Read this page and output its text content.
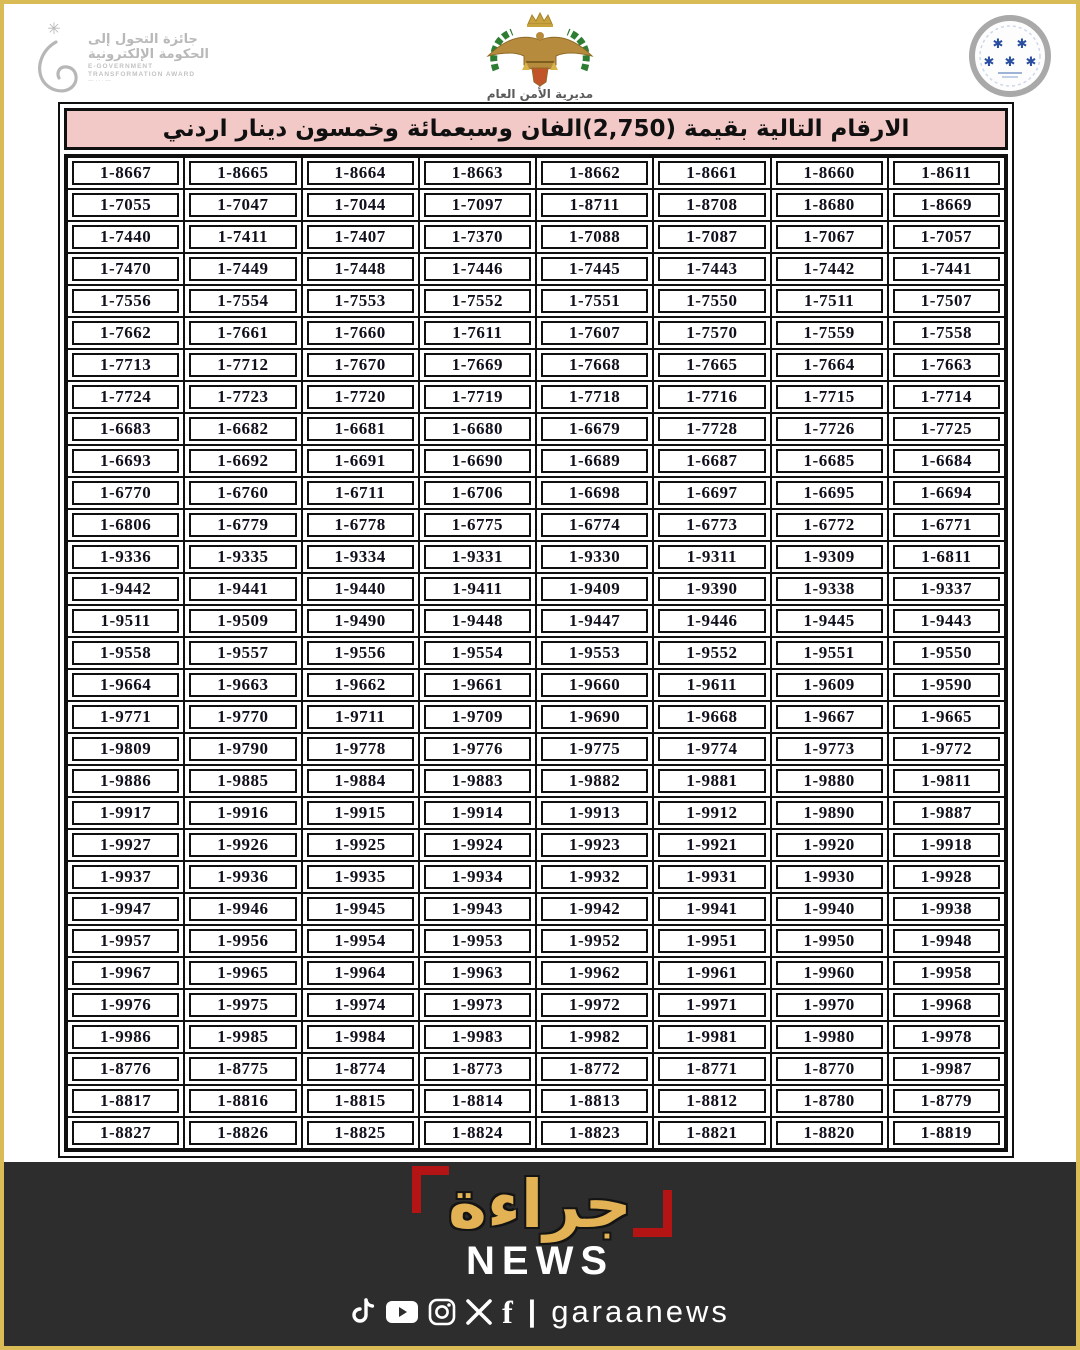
✳
جائزة التحول إلى
الحكومة الإلكترونية
E-GOVERNMENT
TRANSFORMATION AWARD
— ٠٠٠ —
مديرية الأمن العام
✱ ✱
✱ ✱ ✱
الارقام التالية بقيمة (2,750)الفان وسبعمائة وخمسون دينار اردني
1-8667	1-8665	1-8664	1-8663	1-8662	1-8661	1-8660	1-8611
1-7055	1-7047	1-7044	1-7097	1-8711	1-8708	1-8680	1-8669
1-7440	1-7411	1-7407	1-7370	1-7088	1-7087	1-7067	1-7057
1-7470	1-7449	1-7448	1-7446	1-7445	1-7443	1-7442	1-7441
1-7556	1-7554	1-7553	1-7552	1-7551	1-7550	1-7511	1-7507
1-7662	1-7661	1-7660	1-7611	1-7607	1-7570	1-7559	1-7558
1-7713	1-7712	1-7670	1-7669	1-7668	1-7665	1-7664	1-7663
1-7724	1-7723	1-7720	1-7719	1-7718	1-7716	1-7715	1-7714
1-6683	1-6682	1-6681	1-6680	1-6679	1-7728	1-7726	1-7725
1-6693	1-6692	1-6691	1-6690	1-6689	1-6687	1-6685	1-6684
1-6770	1-6760	1-6711	1-6706	1-6698	1-6697	1-6695	1-6694
1-6806	1-6779	1-6778	1-6775	1-6774	1-6773	1-6772	1-6771
1-9336	1-9335	1-9334	1-9331	1-9330	1-9311	1-9309	1-6811
1-9442	1-9441	1-9440	1-9411	1-9409	1-9390	1-9338	1-9337
1-9511	1-9509	1-9490	1-9448	1-9447	1-9446	1-9445	1-9443
1-9558	1-9557	1-9556	1-9554	1-9553	1-9552	1-9551	1-9550
1-9664	1-9663	1-9662	1-9661	1-9660	1-9611	1-9609	1-9590
1-9771	1-9770	1-9711	1-9709	1-9690	1-9668	1-9667	1-9665
1-9809	1-9790	1-9778	1-9776	1-9775	1-9774	1-9773	1-9772
1-9886	1-9885	1-9884	1-9883	1-9882	1-9881	1-9880	1-9811
1-9917	1-9916	1-9915	1-9914	1-9913	1-9912	1-9890	1-9887
1-9927	1-9926	1-9925	1-9924	1-9923	1-9921	1-9920	1-9918
1-9937	1-9936	1-9935	1-9934	1-9932	1-9931	1-9930	1-9928
1-9947	1-9946	1-9945	1-9943	1-9942	1-9941	1-9940	1-9938
1-9957	1-9956	1-9954	1-9953	1-9952	1-9951	1-9950	1-9948
1-9967	1-9965	1-9964	1-9963	1-9962	1-9961	1-9960	1-9958
1-9976	1-9975	1-9974	1-9973	1-9972	1-9971	1-9970	1-9968
1-9986	1-9985	1-9984	1-9983	1-9982	1-9981	1-9980	1-9978
1-8776	1-8775	1-8774	1-8773	1-8772	1-8771	1-8770	1-9987
1-8817	1-8816	1-8815	1-8814	1-8813	1-8812	1-8780	1-8779
1-8827	1-8826	1-8825	1-8824	1-8823	1-8821	1-8820	1-8819
جراءة
NEWS
f | garaanews
